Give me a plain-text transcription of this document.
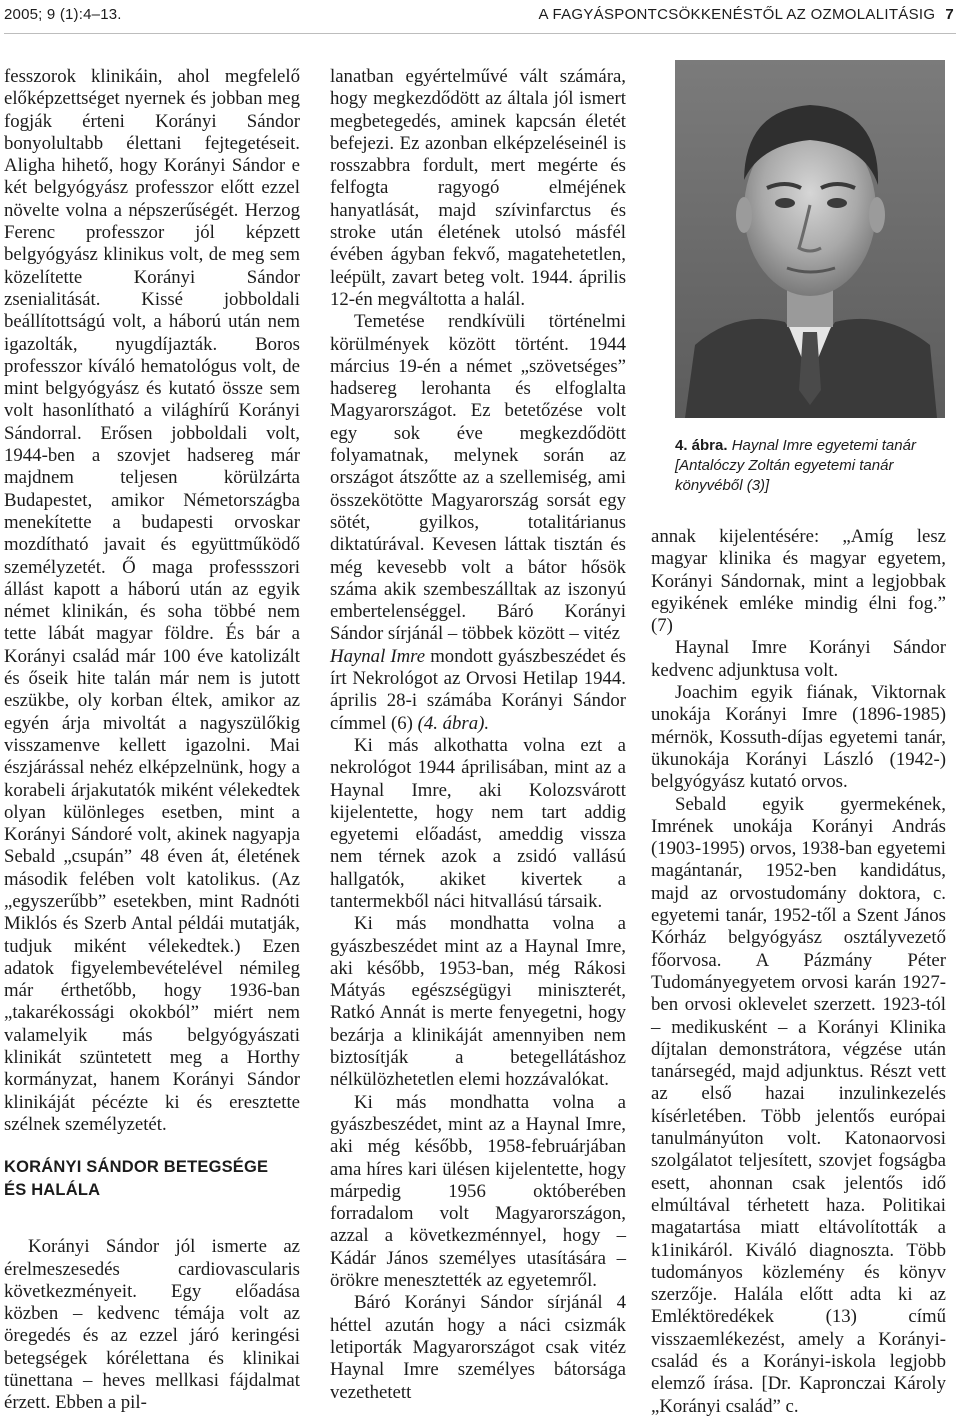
2005; 9 (1):4–13.	A FAGYÁSPONTCSÖKKENÉSTŐL AZ OZMOLALITÁSIG 7

fesszorok klinikáin, ahol megfelelő előképzettséget nyernek és jobban meg fogják érteni Korányi Sándor bonyolultabb élettani fejtegetéseit. Aligha hihető, hogy Korányi Sándor e két belgyógyász professzor előtt ezzel növelte volna a népszerűségét. Herzog Ferenc professzor jól képzett belgyógyász klinikus volt, de meg sem közelítette Korányi Sándor zsenialitását. Kissé jobboldali beállítottságú volt, a háború után nem igazolták, nyugdíjazták. Boros professzor kíváló hematológus volt, de mint belgyógyász és kutató össze sem volt hasonlítható a világhírű Korányi Sándorral. Erősen jobboldali volt, 1944-ben a szovjet hadsereg már majdnem teljesen körülzárta Budapestet, amikor Németországba menekítette a budapesti orvoskar mozdítható javait és együttműködő személyzetét. Ő maga professszori állást kapott a háború után az egyik német klinikán, és soha többé nem tette lábát magyar földre. És bár a Korányi család már 100 éve katolizált és őseik hite talán már nem is jutott eszükbe, oly korban éltek, amikor az egyén árja mivoltát a nagyszülőkig visszamenve kellett igazolni. Mai észjárással nehéz elképzelnünk, hogy a korabeli árjakutatók miként vélekedtek olyan különleges esetben, mint a Korányi Sándoré volt, akinek nagyapja Sebald „csupán” 48 éven át, életének második felében volt katolikus. (Az „egyszerűbb” esetekben, mint Radnóti Miklós és Szerb Antal példái mutatják, tudjuk miként vélekedtek.) Ezen adatok figyelembevételével némileg már érthetőbb, hogy 1936-ban „takarékossági okokból” miért nem valamelyik más belgyógyászati klinikát szüntetett meg a Horthy kormányzat, hanem Korányi Sándor klinikáját pécézte ki és eresztette szélnek személyzetét.

KORÁNYI SÁNDOR BETEGSÉGE
ÉS HALÁLA

Korányi Sándor jól ismerte az érelmeszesedés cardiovascularis következményeit. Egy előadása közben – kedvenc témája volt az öregedés és az ezzel járó keringési betegségek kórélettana és klinikai tünettana – heves mellkasi fájdalmat érzett. Ebben a pil-

lanatban egyértelművé vált számára, hogy megkezdődött az általa jól ismert megbetegedés, aminek kapcsán életét befejezi. Ez azonban elképzeléseinél is rosszabbra fordult, mert megérte és felfogta ragyogó elméjének hanyatlását, majd szívinfarctus és stroke után életének utolsó másfél évében ágyban fekvő, magatehetetlen, leépült, zavart beteg volt. 1944. április 12-én megváltotta a halál.

Temetése rendkívüli történelmi körülmények között történt. 1944 március 19-én a német „szövetséges” hadsereg lerohanta és elfoglalta Magyarországot. Ez betetőzése volt egy sok éve megkezdődött folyamatnak, melynek során az országot átszőtte az a szellemiség, ami összekötötte Magyarország sorsát egy sötét, gyilkos, totalitárianus diktatúrával. Kevesen láttak tisztán és még kevesebb volt a bátor hősök száma akik szembeszálltak az iszonyú embertelenséggel. Báró Korányi Sándor sírjánál – többek között – vitéz

Haynal Imre mondott gyászbeszédet és írt Nekrológot az Orvosi Hetilap 1944. április 28-i számába Korányi Sándor címmel (6) (4. ábra).

Ki más alkothatta volna ezt a nekrológot 1944 áprilisában, mint az a Haynal Imre, aki Kolozsvárott kijelentette, hogy nem tart addig egyetemi előadást, ameddig vissza nem térnek azok a zsidó vallású hallgatók, akiket kivertek a tantermekből náci hitvallású társaik.

Ki más mondhatta volna a gyászbeszédet mint az a Haynal Imre, aki később, 1953-ban, még Rákosi Mátyás egészségügyi miniszterét, Ratkó Annát is merte fenyegetni, hogy bezárja a klinikáját amennyiben nem biztosítják a betegellátáshoz nélkülözhetetlen elemi hozzávalókat.

Ki más mondhatta volna a gyászbeszédet, mint az a Haynal Imre, aki még később, 1958-februárjában ama híres kari ülésen kijelentette, hogy márpedig 1956 októberében forradalom volt Magyarországon, azzal a következménnyel, hogy – Kádár János személyes utasítására – örökre menesztették az egyetemről.

Báró Korányi Sándor sírjánál 4 héttel azután hogy a náci csizmák letiporták Magyarországot csak vitéz Haynal Imre személyes bátorsága vezethetett

4. ábra. Haynal Imre egyetemi tanár [Antalóczy Zoltán egyetemi tanár könyvéből (3)]

annak kijelentésére: „Amíg lesz magyar klinika és magyar egyetem, Korányi Sándornak, mint a legjobbak egyikének emléke mindig élni fog.” (7)

Haynal Imre Korányi Sándor kedvenc adjunktusa volt.

Joachim egyik fiának, Viktornak unokája Korányi Imre (1896-1985) mérnök, Kossuth-díjas egyetemi tanár, ükunokája Korányi László (1942-) belgyógyász kutató orvos.

Sebald egyik gyermekének, Imrének unokája Korányi András (1903-1995) orvos, 1938-ban egyetemi magántanár, 1952-ben kandidátus, majd az orvostudomány doktora, c. egyetemi tanár, 1952-től a Szent János Kórház belgyógyász osztályvezető főorvosa. A Pázmány Péter Tudományegyetem orvosi karán 1927-ben orvosi oklevelet szerzett. 1923-tól – medikusként – a Korányi Klinika díjtalan demonstrátora, végzése után tanársegéd, majd adjunktus. Részt vett az első hazai inzulinkezelés kísérletében. Több jelentős európai tanulmányúton volt. Katonaorvosi szolgálatot teljesített, szovjet fogságba esett, ahonnan csak jelentős idő elmúltával térhetett haza. Politikai magatartása miatt eltávolították a k1inikáról. Kiváló diagnoszta. Több tudományos közlemény és könyv szerzője. Halála előtt adta ki az Emléktöredékek (13) című visszaemlékezést, amely a Korányi-család és a Korányi-iskola legjobb elemző írása. [Dr. Kapronczai Károly „Korányi család” c.
